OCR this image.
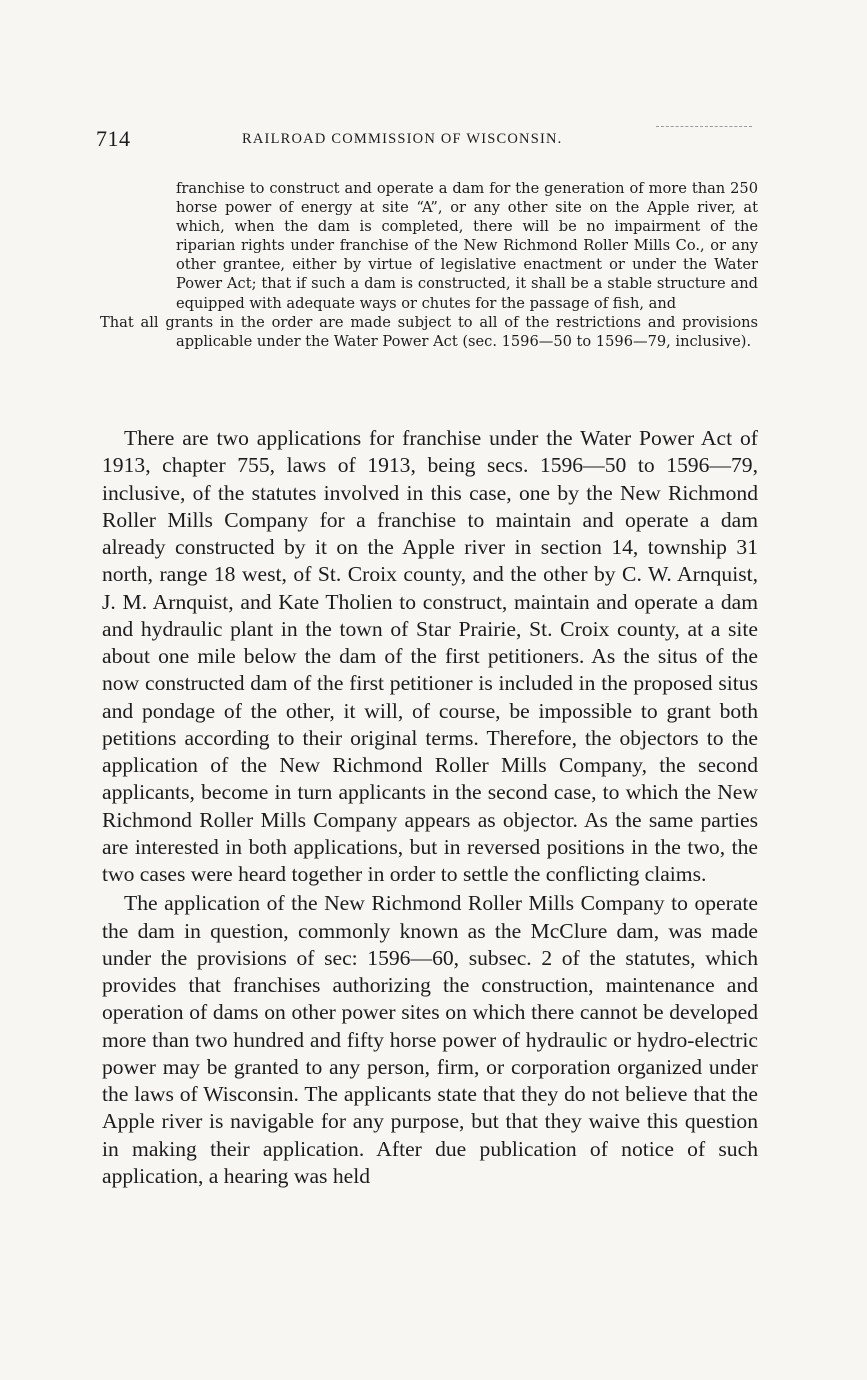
714	RAILROAD COMMISSION OF WISCONSIN.

franchise to construct and operate a dam for the generation of more than 250 horse power of energy at site “A”, or any other site on the Apple river, at which, when the dam is completed, there will be no impairment of the riparian rights under franchise of the New Richmond Roller Mills Co., or any other grantee, either by virtue of legislative enactment or under the Water Power Act; that if such a dam is constructed, it shall be a stable structure and equipped with adequate ways or chutes for the passage of fish, and

That all grants in the order are made subject to all of the restrictions and provisions applicable under the Water Power Act (sec. 1596—50 to 1596—79, inclusive).

There are two applications for franchise under the Water Power Act of 1913, chapter 755, laws of 1913, being secs. 1596—50 to 1596—79, inclusive, of the statutes involved in this case, one by the New Richmond Roller Mills Company for a franchise to maintain and operate a dam already constructed by it on the Apple river in section 14, township 31 north, range 18 west, of St. Croix county, and the other by C. W. Arnquist, J. M. Arnquist, and Kate Tholien to construct, maintain and operate a dam and hydraulic plant in the town of Star Prairie, St. Croix county, at a site about one mile below the dam of the first petitioners. As the situs of the now constructed dam of the first petitioner is included in the proposed situs and pondage of the other, it will, of course, be impossible to grant both petitions according to their original terms. Therefore, the objectors to the application of the New Richmond Roller Mills Company, the second applicants, become in turn applicants in the second case, to which the New Richmond Roller Mills Company appears as objector. As the same parties are interested in both applications, but in reversed positions in the two, the two cases were heard together in order to settle the conflicting claims.

The application of the New Richmond Roller Mills Company to operate the dam in question, commonly known as the McClure dam, was made under the provisions of sec: 1596—60, subsec. 2 of the statutes, which provides that franchises authorizing the construction, maintenance and operation of dams on other power sites on which there cannot be developed more than two hundred and fifty horse power of hydraulic or hydro-electric power may be granted to any person, firm, or corporation organized under the laws of Wisconsin. The applicants state that they do not believe that the Apple river is navigable for any purpose, but that they waive this question in making their application. After due publication of notice of such application, a hearing was held
